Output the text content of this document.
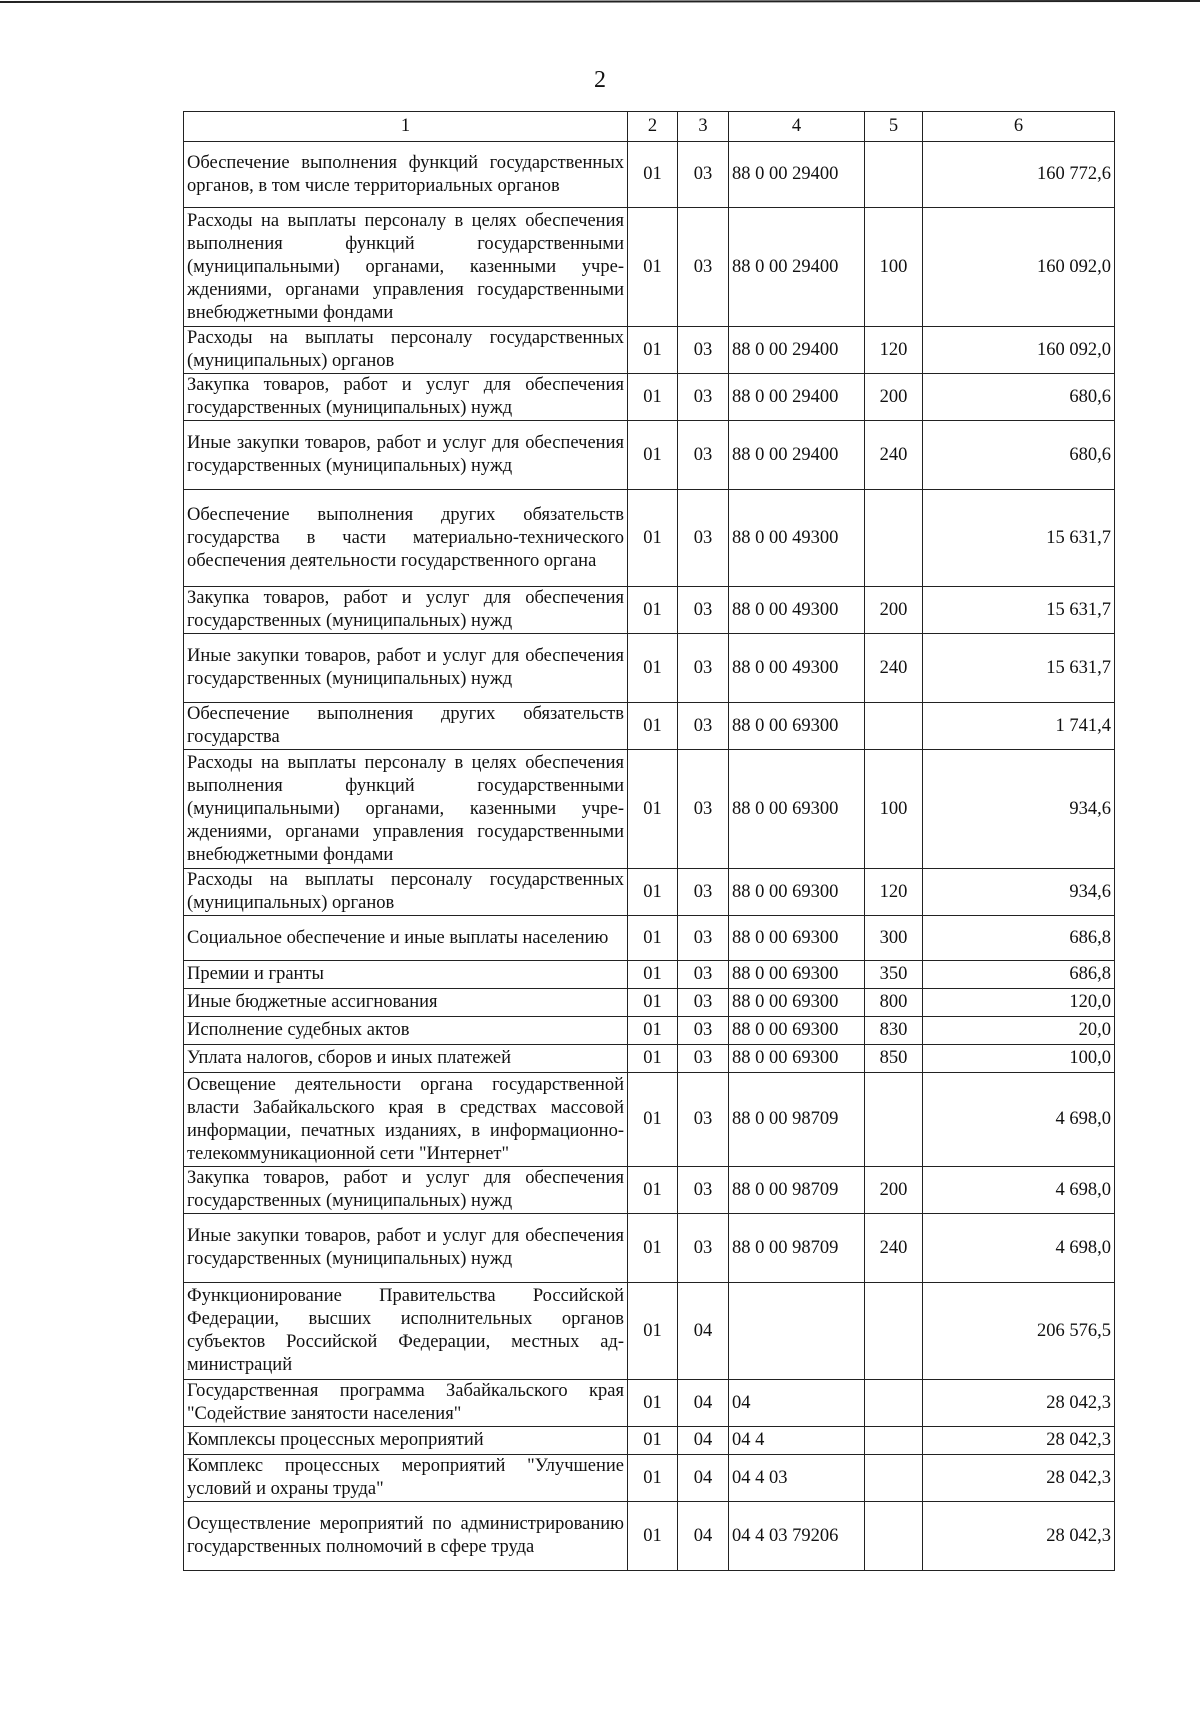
2
1	2	3	4	5	6
Обеспечение выполнения функций государственных органов, в том числе территориальных органов	01	03	88 0 00 29400		160 772,6
Расходы на выплаты персоналу в целях обеспечения выполнения функций государственными (муниципальными) органами, казенными учреждениями, органами управления государственными внебюджетными фондами	01	03	88 0 00 29400	100	160 092,0
Расходы на выплаты персоналу государственных (муниципальных) органов	01	03	88 0 00 29400	120	160 092,0
Закупка товаров, работ и услуг для обеспечения государственных (муниципальных) нужд	01	03	88 0 00 29400	200	680,6
Иные закупки товаров, работ и услуг для обеспечения государственных (муниципальных) нужд	01	03	88 0 00 29400	240	680,6
Обеспечение выполнения других обязательств государства в части материально-технического обеспечения деятельности государственного органа	01	03	88 0 00 49300		15 631,7
Закупка товаров, работ и услуг для обеспечения государственных (муниципальных) нужд	01	03	88 0 00 49300	200	15 631,7
Иные закупки товаров, работ и услуг для обеспечения государственных (муниципальных) нужд	01	03	88 0 00 49300	240	15 631,7
Обеспечение выполнения других обязательств государства	01	03	88 0 00 69300		1 741,4
Расходы на выплаты персоналу в целях обеспечения выполнения функций государственными (муниципальными) органами, казенными учреждениями, органами управления государственными внебюджетными фондами	01	03	88 0 00 69300	100	934,6
Расходы на выплаты персоналу государственных (муниципальных) органов	01	03	88 0 00 69300	120	934,6
Социальное обеспечение и иные выплаты населению	01	03	88 0 00 69300	300	686,8
Премии и гранты	01	03	88 0 00 69300	350	686,8
Иные бюджетные ассигнования	01	03	88 0 00 69300	800	120,0
Исполнение судебных актов	01	03	88 0 00 69300	830	20,0
Уплата налогов, сборов и иных платежей	01	03	88 0 00 69300	850	100,0
Освещение деятельности органа государственной власти Забайкальского края в средствах массовой информации, печатных изданиях, в информационно-телекоммуникационной сети "Интернет"	01	03	88 0 00 98709		4 698,0
Закупка товаров, работ и услуг для обеспечения государственных (муниципальных) нужд	01	03	88 0 00 98709	200	4 698,0
Иные закупки товаров, работ и услуг для обеспечения государственных (муниципальных) нужд	01	03	88 0 00 98709	240	4 698,0
Функционирование Правительства Российской Федерации, высших исполнительных органов субъектов Российской Федерации, местных администраций	01	04			206 576,5
Государственная программа Забайкальского края "Содействие занятости населения"	01	04	04		28 042,3
Комплексы процессных мероприятий	01	04	04 4		28 042,3
Комплекс процессных мероприятий "Улучшение условий и охраны труда"	01	04	04 4 03		28 042,3
Осуществление мероприятий по администрированию государственных полномочий в сфере труда	01	04	04 4 03 79206		28 042,3
